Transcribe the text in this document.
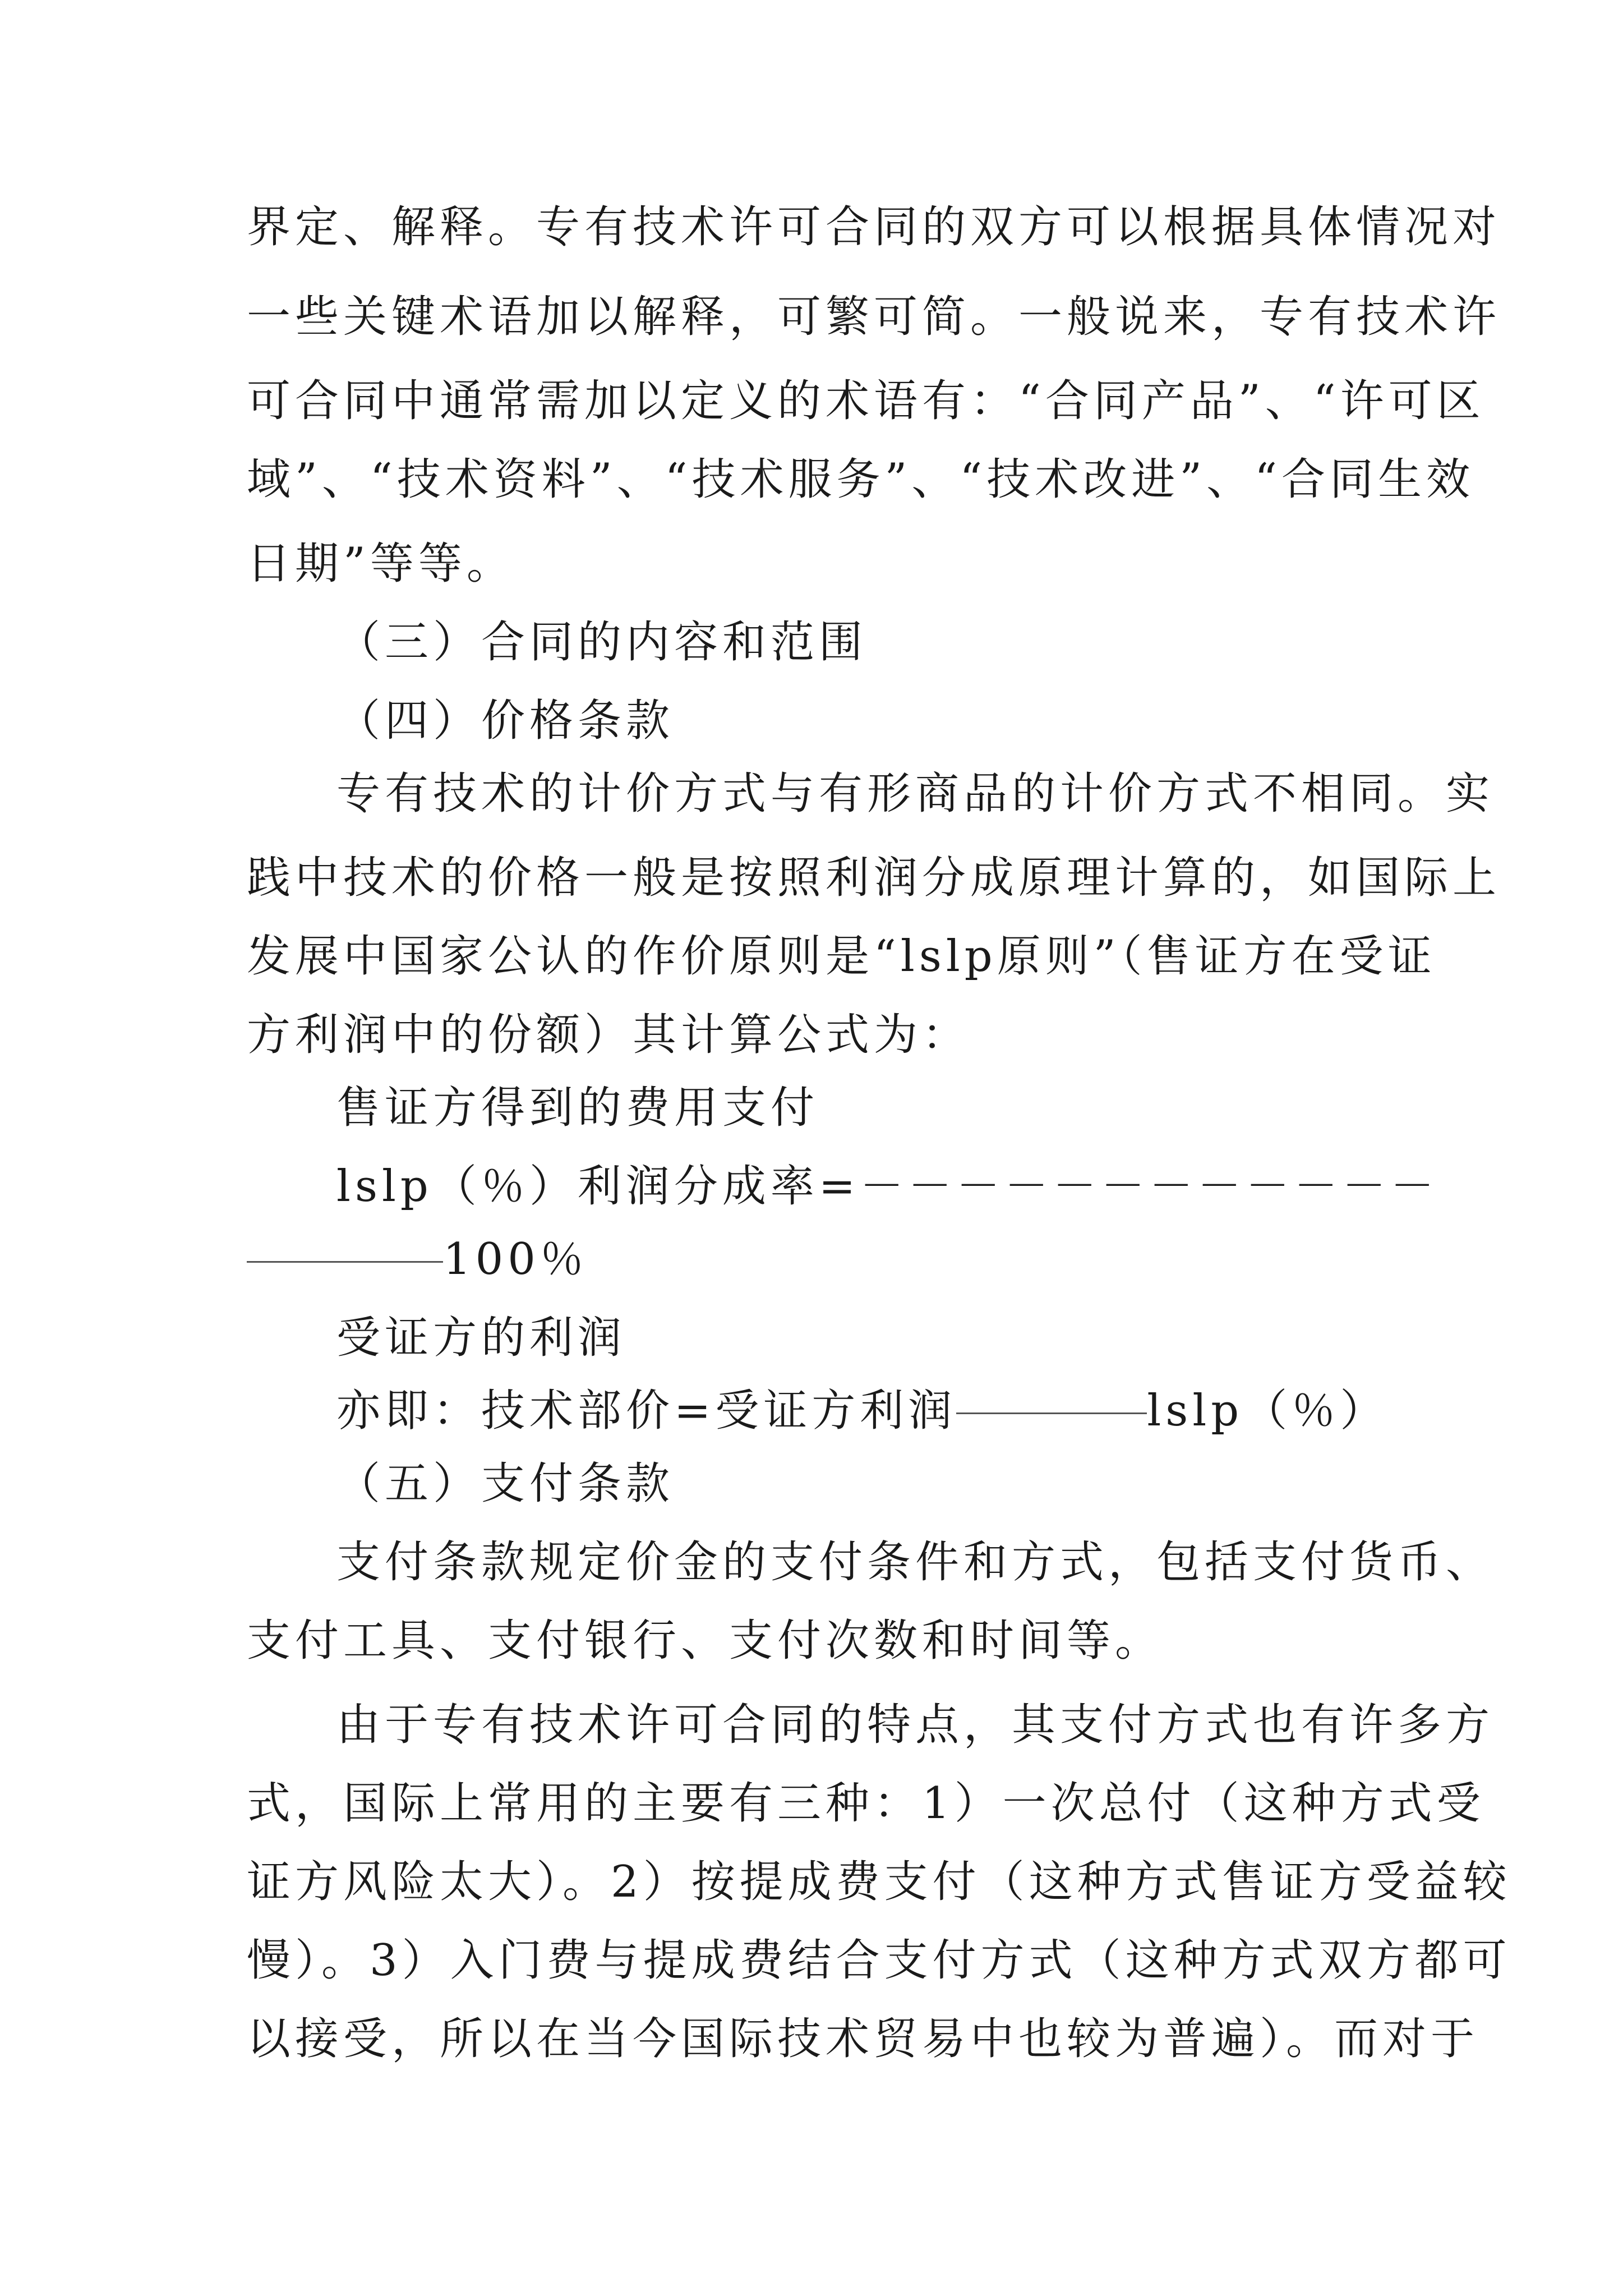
界定、解释。专有技术许可合同的双方可以根据具体情况对
一些关键术语加以解释，可繁可简。一般说来，专有技术许
可合同中通常需加以定义的术语有：“合同产品”、“许可区
域”、“技术资料”、“技术服务”、“技术改进”、“合同生效
日期”等等。
（三）合同的内容和范围
（四）价格条款
专有技术的计价方式与有形商品的计价方式不相同。实
践中技术的价格一般是按照利润分成原理计算的，如国际上
发展中国家公认的作价原则是“lslp原则”（售证方在受证
方利润中的份额）其计算公式为：
售证方得到的费用支付
lslp（％）利润分成率=－－－－－－－－－－－－
100％
受证方的利润
亦即：技术部价=受证方利润	lslp（％）
（五）支付条款
支付条款规定价金的支付条件和方式，包括支付货币、
支付工具、支付银行、支付次数和时间等。
由于专有技术许可合同的特点，其支付方式也有许多方
式，国际上常用的主要有三种：1）一次总付（这种方式受
证方风险太大）。2）按提成费支付（这种方式售证方受益较
慢）。3）入门费与提成费结合支付方式（这种方式双方都可
以接受，所以在当今国际技术贸易中也较为普遍）。而对于
